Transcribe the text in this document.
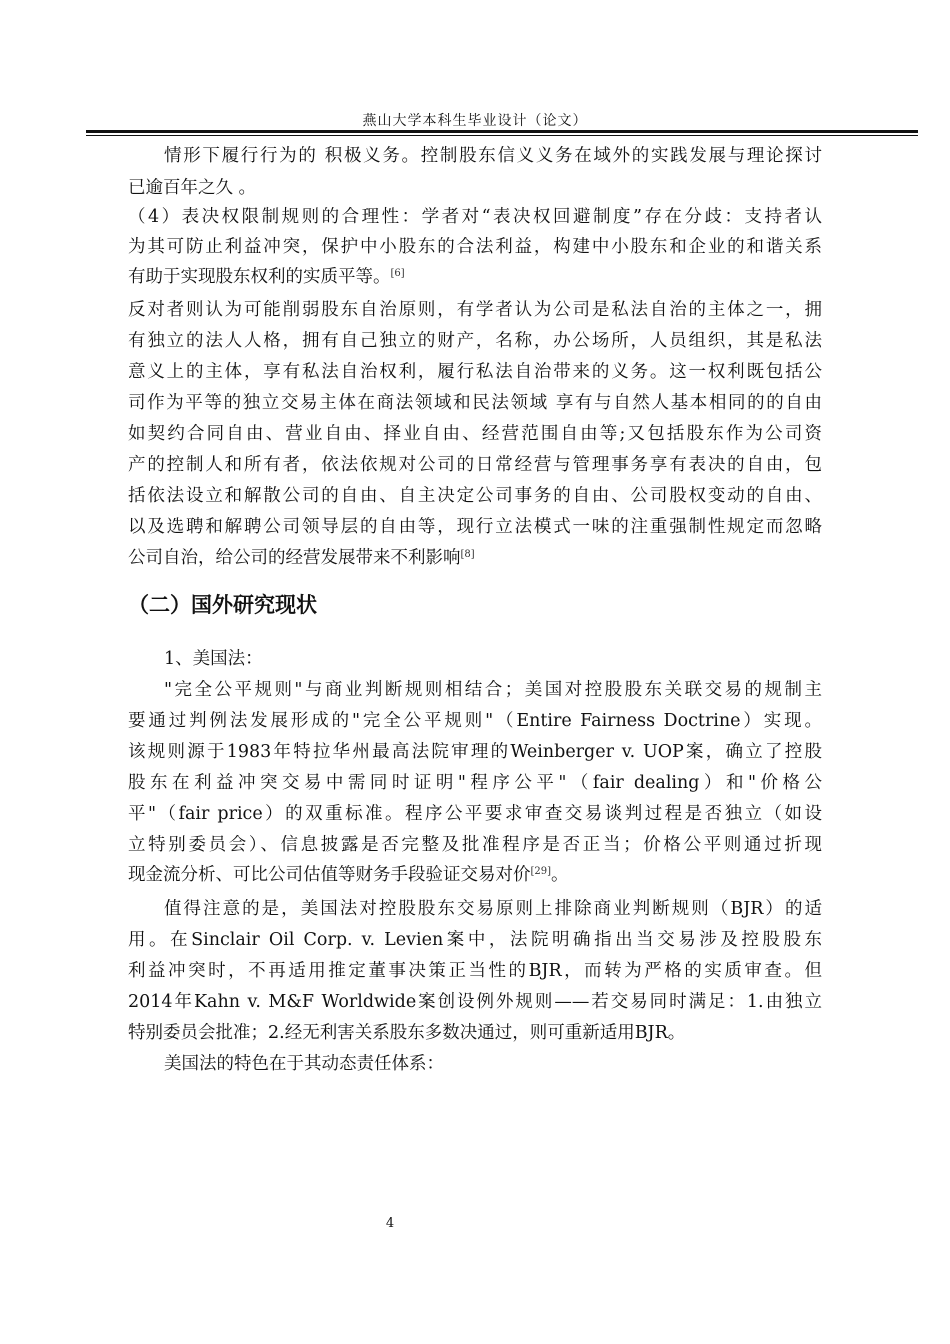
燕山大学本科生毕业设计（论文）
情形下履行行为的 积极义务。控制股东信义义务在域外的实践发展与理论探讨
已逾百年之久 。
（4）表决权限制规则的合理性：学者对“表决权回避制度”存在分歧：支持者认
为其可防止利益冲突，保护中小股东的合法利益，构建中小股东和企业的和谐关系
有助于实现股东权利的实质平等。[6]
反对者则认为可能削弱股东自治原则，有学者认为公司是私法自治的主体之一，拥
有独立的法人人格，拥有自己独立的财产，名称，办公场所，人员组织，其是私法
意义上的主体，享有私法自治权利，履行私法自治带来的义务。这一权利既包括公
司作为平等的独立交易主体在商法领域和民法领域 享有与自然人基本相同的的自由
如契约合同自由、营业自由、择业自由、经营范围自由等;又包括股东作为公司资
产的控制人和所有者，依法依规对公司的日常经营与管理事务享有表决的自由，包
括依法设立和解散公司的自由、自主决定公司事务的自由、公司股权变动的自由、
以及选聘和解聘公司领导层的自由等，现行立法模式一味的注重强制性规定而忽略
公司自治，给公司的经营发展带来不利影响[8]
（二）国外研究现状
1、美国法：
"完全公平规则"与商业判断规则相结合；美国对控股股东关联交易的规制主
要通过判例法发展形成的"完全公平规则"（Entire Fairness Doctrine）实现。
该规则源于1983年特拉华州最高法院审理的Weinberger v. UOP案，确立了控股
股东在利益冲突交易中需同时证明"程序公平"（fair dealing）和"价格公
平"（fair price）的双重标准。程序公平要求审查交易谈判过程是否独立（如设
立特别委员会）、信息披露是否完整及批准程序是否正当；价格公平则通过折现
现金流分析、可比公司估值等财务手段验证交易对价[29]。
值得注意的是，美国法对控股股东交易原则上排除商业判断规则（BJR）的适
用。在Sinclair Oil Corp. v. Levien案中，法院明确指出当交易涉及控股股东
利益冲突时，不再适用推定董事决策正当性的BJR，而转为严格的实质审查。但
2014年Kahn v. M&F Worldwide案创设例外规则——若交易同时满足：1.由独立
特别委员会批准；2.经无利害关系股东多数决通过，则可重新适用BJR。
美国法的特色在于其动态责任体系：
4
